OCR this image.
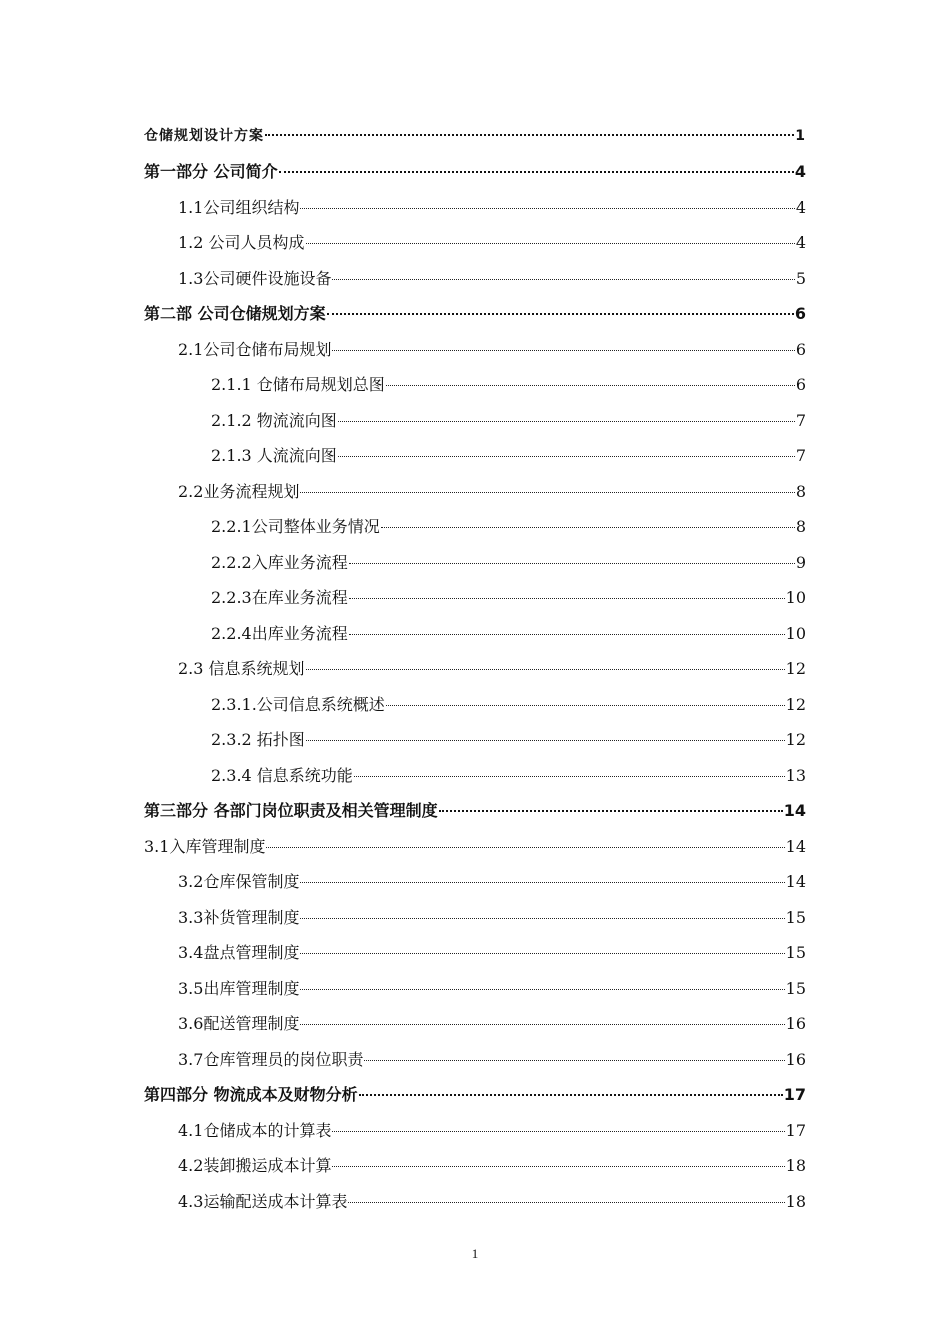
仓储规划设计方案	1
第一部分 公司简介	4
1.1公司组织结构	4
1.2 公司人员构成	4
1.3公司硬件设施设备	5
第二部 公司仓储规划方案	6
2.1公司仓储布局规划	6
2.1.1 仓储布局规划总图	6
2.1.2 物流流向图	7
2.1.3 人流流向图	7
2.2业务流程规划	8
2.2.1公司整体业务情况	8
2.2.2入库业务流程	9
2.2.3在库业务流程	10
2.2.4出库业务流程	10
2.3 信息系统规划	12
2.3.1.公司信息系统概述	12
2.3.2 拓扑图	12
2.3.4 信息系统功能	13
第三部分 各部门岗位职责及相关管理制度	14
3.1入库管理制度	14
3.2仓库保管制度	14
3.3补货管理制度	15
3.4盘点管理制度	15
3.5出库管理制度	15
3.6配送管理制度	16
3.7仓库管理员的岗位职责	16
第四部分 物流成本及财物分析	17
4.1仓储成本的计算表	17
4.2装卸搬运成本计算	18
4.3运输配送成本计算表	18
1
